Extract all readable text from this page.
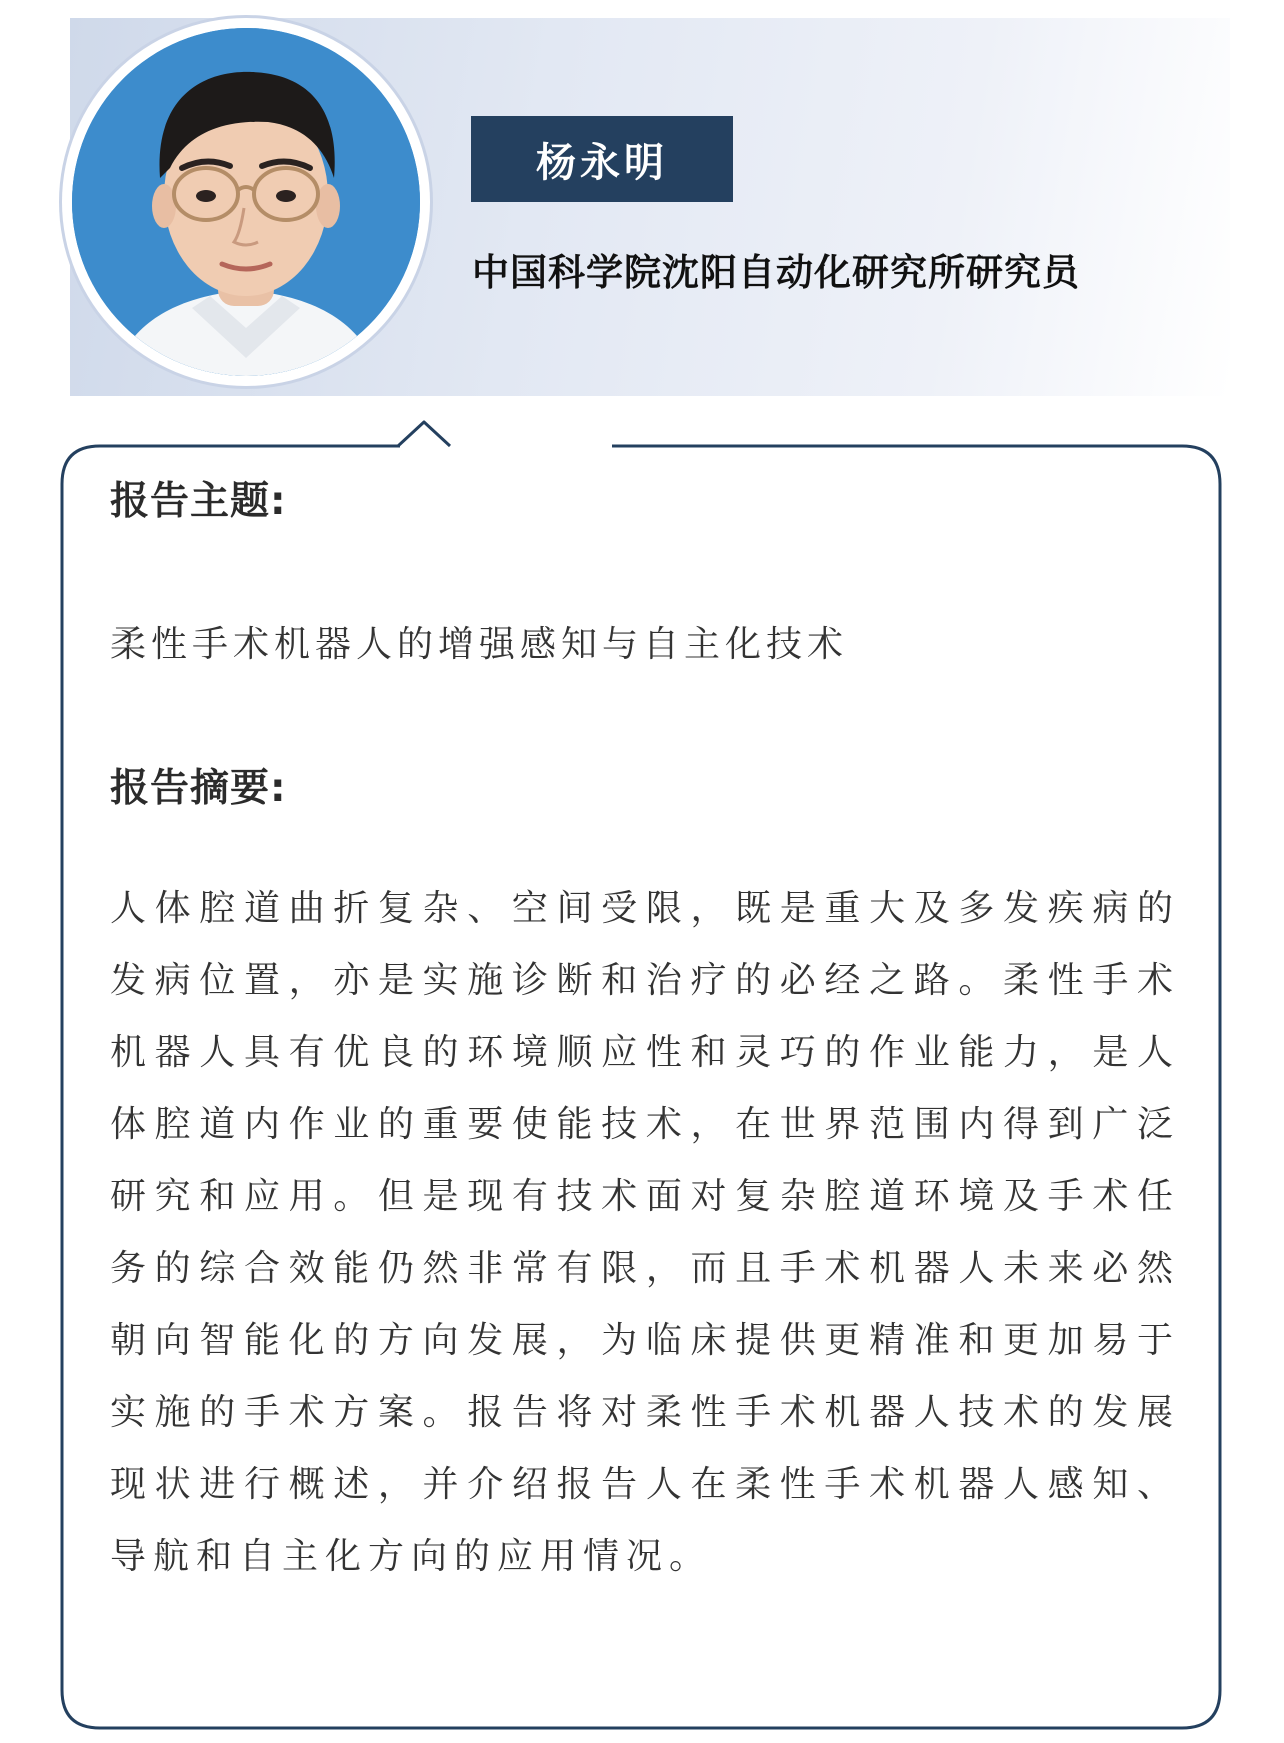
杨永明
中国科学院沈阳自动化研究所研究员

报告主题:

柔性手术机器人的增强感知与自主化技术

报告摘要:

人体腔道曲折复杂、空间受限，既是重大及多发疾病的发病位置，亦是实施诊断和治疗的必经之路。柔性手术机器人具有优良的环境顺应性和灵巧的作业能力，是人体腔道内作业的重要使能技术，在世界范围内得到广泛研究和应用。但是现有技术面对复杂腔道环境及手术任务的综合效能仍然非常有限，而且手术机器人未来必然朝向智能化的方向发展，为临床提供更精准和更加易于实施的手术方案。报告将对柔性手术机器人技术的发展现状进行概述，并介绍报告人在柔性手术机器人感知、导航和自主化方向的应用情况。
